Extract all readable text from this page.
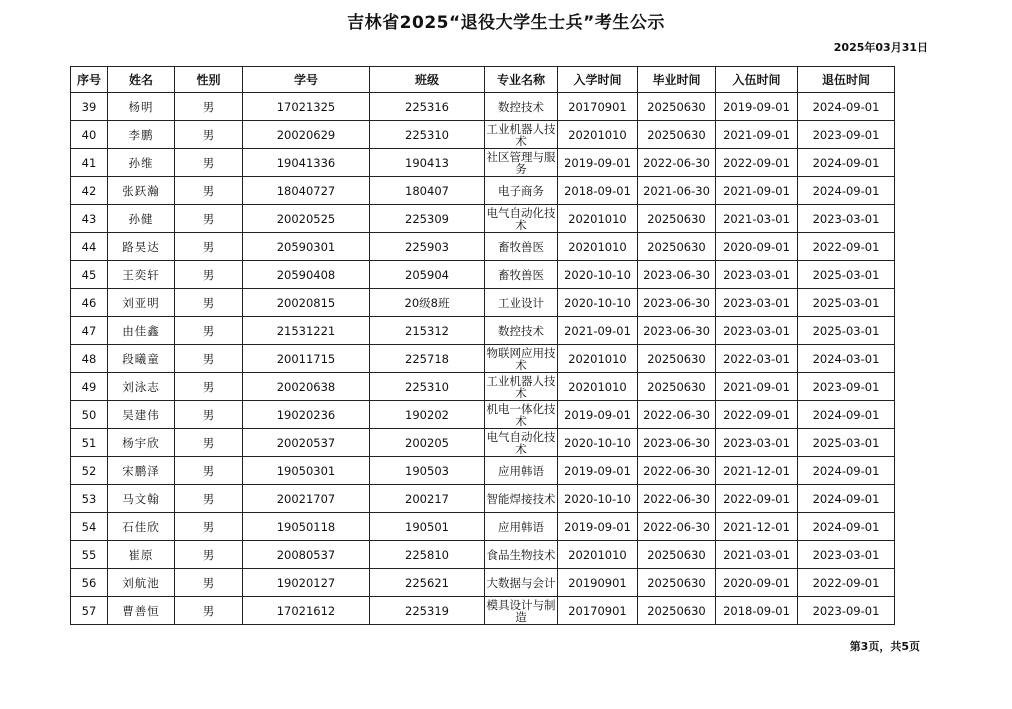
吉林省2025“退役大学生士兵”考生公示
2025年03月31日
序号	姓名	性别	学号	班级	专业名称	入学时间	毕业时间	入伍时间	退伍时间
39	杨明	男	17021325	225316	数控技术	20170901	20250630	2019-09-01	2024-09-01
40	李鹏	男	20020629	225310	工业机器人技术	20201010	20250630	2021-09-01	2023-09-01
41	孙维	男	19041336	190413	社区管理与服务	2019-09-01	2022-06-30	2022-09-01	2024-09-01
42	张跃瀚	男	18040727	180407	电子商务	2018-09-01	2021-06-30	2021-09-01	2024-09-01
43	孙健	男	20020525	225309	电气自动化技术	20201010	20250630	2021-03-01	2023-03-01
44	路昊达	男	20590301	225903	畜牧兽医	20201010	20250630	2020-09-01	2022-09-01
45	王奕轩	男	20590408	205904	畜牧兽医	2020-10-10	2023-06-30	2023-03-01	2025-03-01
46	刘亚明	男	20020815	20级8班	工业设计	2020-10-10	2023-06-30	2023-03-01	2025-03-01
47	由佳鑫	男	21531221	215312	数控技术	2021-09-01	2023-06-30	2023-03-01	2025-03-01
48	段曦童	男	20011715	225718	物联网应用技术	20201010	20250630	2022-03-01	2024-03-01
49	刘泳志	男	20020638	225310	工业机器人技术	20201010	20250630	2021-09-01	2023-09-01
50	吴建伟	男	19020236	190202	机电一体化技术	2019-09-01	2022-06-30	2022-09-01	2024-09-01
51	杨宇欣	男	20020537	200205	电气自动化技术	2020-10-10	2023-06-30	2023-03-01	2025-03-01
52	宋鹏泽	男	19050301	190503	应用韩语	2019-09-01	2022-06-30	2021-12-01	2024-09-01
53	马文翰	男	20021707	200217	智能焊接技术	2020-10-10	2022-06-30	2022-09-01	2024-09-01
54	石佳欣	男	19050118	190501	应用韩语	2019-09-01	2022-06-30	2021-12-01	2024-09-01
55	崔原	男	20080537	225810	食品生物技术	20201010	20250630	2021-03-01	2023-03-01
56	刘航池	男	19020127	225621	大数据与会计	20190901	20250630	2020-09-01	2022-09-01
57	曹善恒	男	17021612	225319	模具设计与制造	20170901	20250630	2018-09-01	2023-09-01
第3页，共5页
